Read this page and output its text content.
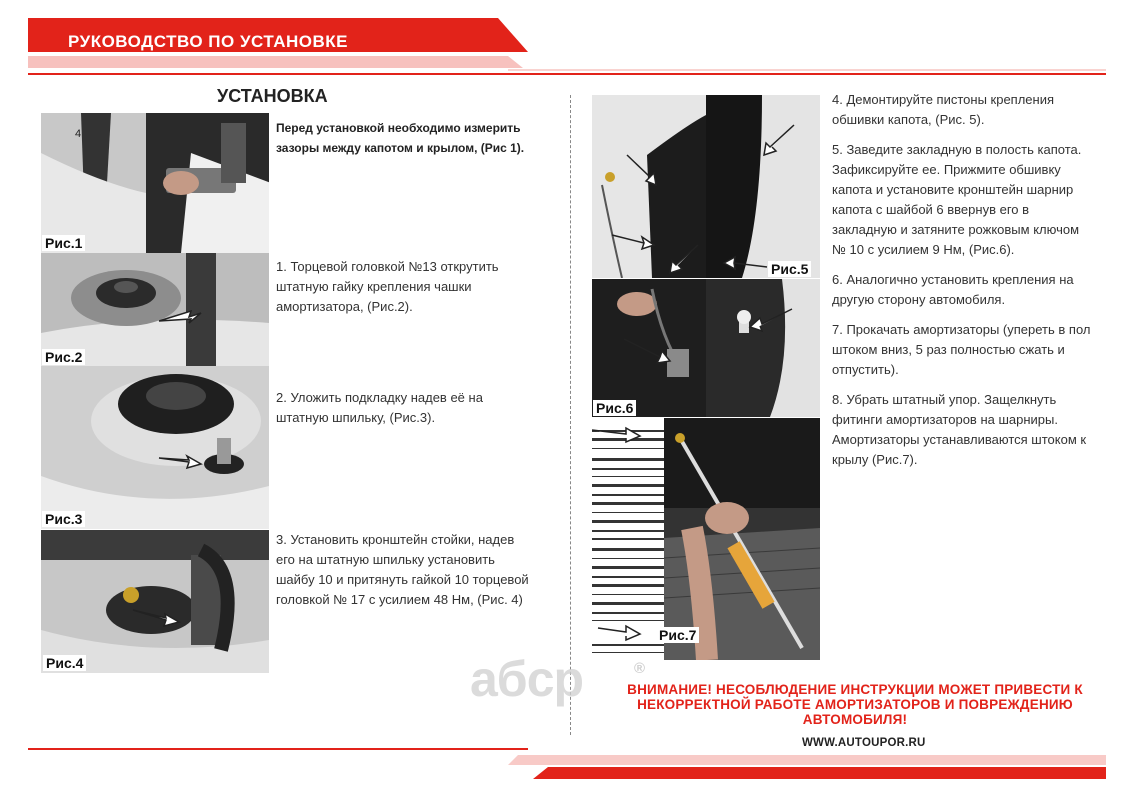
РУКОВОДСТВО ПО УСТАНОВКЕ
УСТАНОВКА
4
Рис.1
Рис.2
Рис.3
Рис.4
Перед установкой необходимо измерить
зазоры между капотом и крылом, (Рис 1).
1. Торцевой головкой №13 открутить
штатную гайку крепления чашки
амортизатора, (Рис.2).
2. Уложить подкладку надев её на
штатную шпильку, (Рис.3).
3. Установить кронштейн стойки, надев
его на штатную шпильку установить
шайбу 10 и притянуть гайкой 10 торцевой
головкой № 17 с усилием 48 Нм, (Рис. 4)
Рис.5
Рис.6
Рис.7
4. Демонтируйте пистоны крепления
обшивки капота, (Рис. 5).
5. Заведите закладную в полость капота.
Зафиксируйте ее. Прижмите обшивку
капота и установите кронштейн шарнир
капота с шайбой 6 ввернув его в
закладную и затяните рожковым ключом
№ 10 с усилием 9 Нм, (Рис.6).
6. Аналогично установить крепления на
другую сторону автомобиля.
7. Прокачать амортизаторы (упереть в пол
штоком вниз, 5 раз полностью сжать и
отпустить).
8. Убрать штатный упор. Защелкнуть
фитинги амортизаторов на шарниры.
Амортизаторы устанавливаются штоком к
крылу (Рис.7).
aбcp	®
ВНИМАНИЕ! НЕСОБЛЮДЕНИЕ ИНСТРУКЦИИ МОЖЕТ ПРИВЕСТИ К
НЕКОРРЕКТНОЙ РАБОТЕ АМОРТИЗАТОРОВ И ПОВРЕЖДЕНИЮ
АВТОМОБИЛЯ!
WWW.AUTOUPOR.RU
